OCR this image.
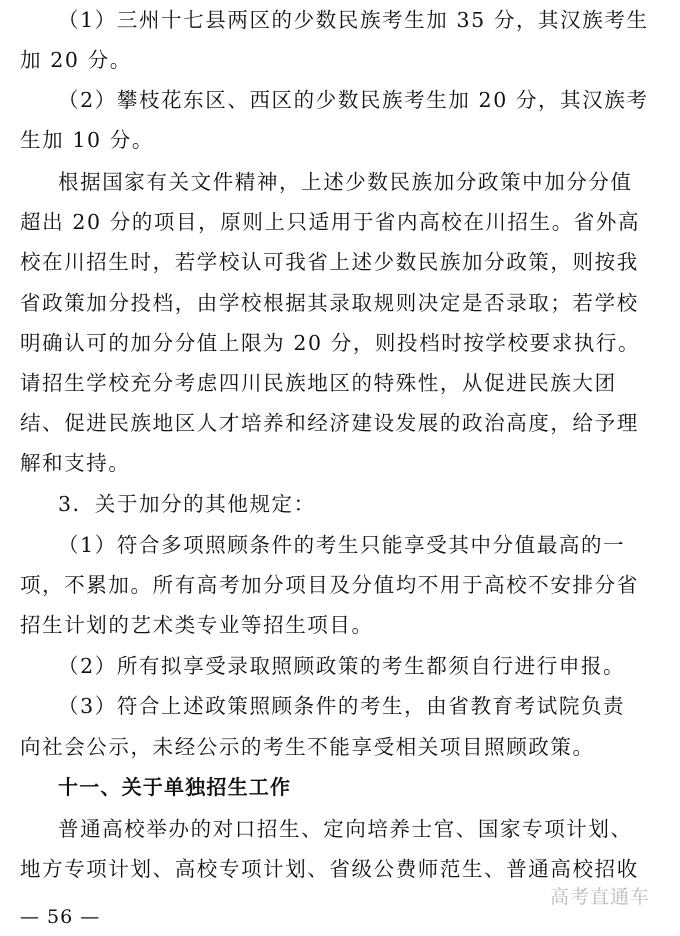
（1）三州十七县两区的少数民族考生加 35 分，其汉族考生
加 20 分。
（2）攀枝花东区、西区的少数民族考生加 20 分，其汉族考
生加 10 分。
根据国家有关文件精神，上述少数民族加分政策中加分分值
超出 20 分的项目，原则上只适用于省内高校在川招生。省外高
校在川招生时，若学校认可我省上述少数民族加分政策，则按我
省政策加分投档，由学校根据其录取规则决定是否录取；若学校
明确认可的加分分值上限为 20 分，则投档时按学校要求执行。
请招生学校充分考虑四川民族地区的特殊性，从促进民族大团
结、促进民族地区人才培养和经济建设发展的政治高度，给予理
解和支持。
3．关于加分的其他规定：
（1）符合多项照顾条件的考生只能享受其中分值最高的一
项，不累加。所有高考加分项目及分值均不用于高校不安排分省
招生计划的艺术类专业等招生项目。
（2）所有拟享受录取照顾政策的考生都须自行进行申报。
（3）符合上述政策照顾条件的考生，由省教育考试院负责
向社会公示，未经公示的考生不能享受相关项目照顾政策。
十一、关于单独招生工作
普通高校举办的对口招生、定向培养士官、国家专项计划、
地方专项计划、高校专项计划、省级公费师范生、普通高校招收
高考直通车
— 56 —
